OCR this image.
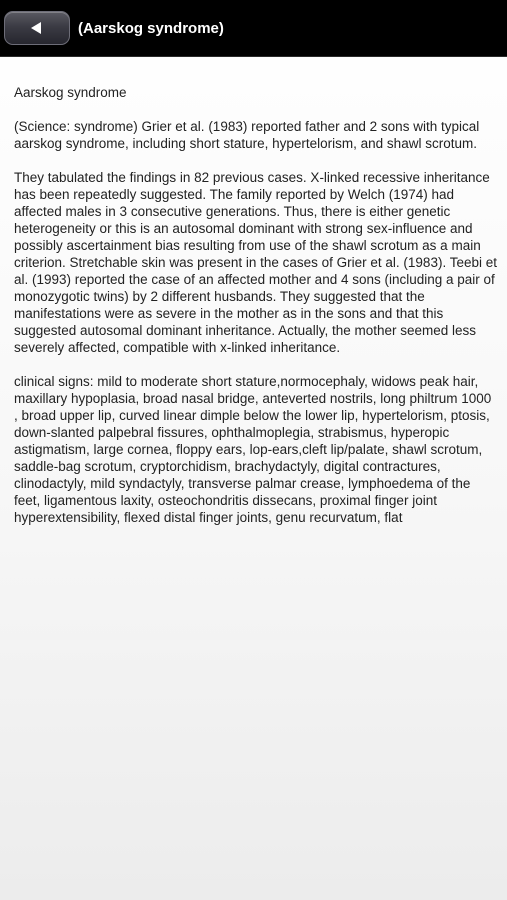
(Aarskog syndrome)

Aarskog syndrome

(Science: syndrome) Grier et al. (1983) reported father and 2 sons with typical aarskog syndrome, including short stature, hypertelorism, and shawl scrotum.

They tabulated the findings in 82 previous cases. X-linked recessive inheritance has been repeatedly suggested. The family reported by Welch (1974) had affected males in 3 consecutive generations. Thus, there is either genetic heterogeneity or this is an autosomal dominant with strong sex-influence and possibly ascertainment bias resulting from use of the shawl scrotum as a main criterion. Stretchable skin was present in the cases of Grier et al. (1983). Teebi et al. (1993) reported the case of an affected mother and 4 sons (including a pair of monozygotic twins) by 2 different husbands. They suggested that the manifestations were as severe in the mother as in the sons and that this suggested autosomal dominant inheritance. Actually, the mother seemed less severely affected, compatible with x-linked inheritance.

clinical signs: mild to moderate short stature,normocephaly, widows peak hair, maxillary hypoplasia, broad nasal bridge, anteverted nostrils, long philtrum 1000 , broad upper lip, curved linear dimple below the lower lip, hypertelorism, ptosis, down-slanted palpebral fissures, ophthalmoplegia, strabismus, hyperopic astigmatism, large cornea, floppy ears, lop-ears,cleft lip/palate, shawl scrotum, saddle-bag scrotum, cryptorchidism, brachydactyly, digital contractures, clinodactyly, mild syndactyly, transverse palmar crease, lymphoedema of the feet, ligamentous laxity, osteochondritis dissecans, proximal finger joint hyperextensibility, flexed distal finger joints, genu recurvatum, flat
